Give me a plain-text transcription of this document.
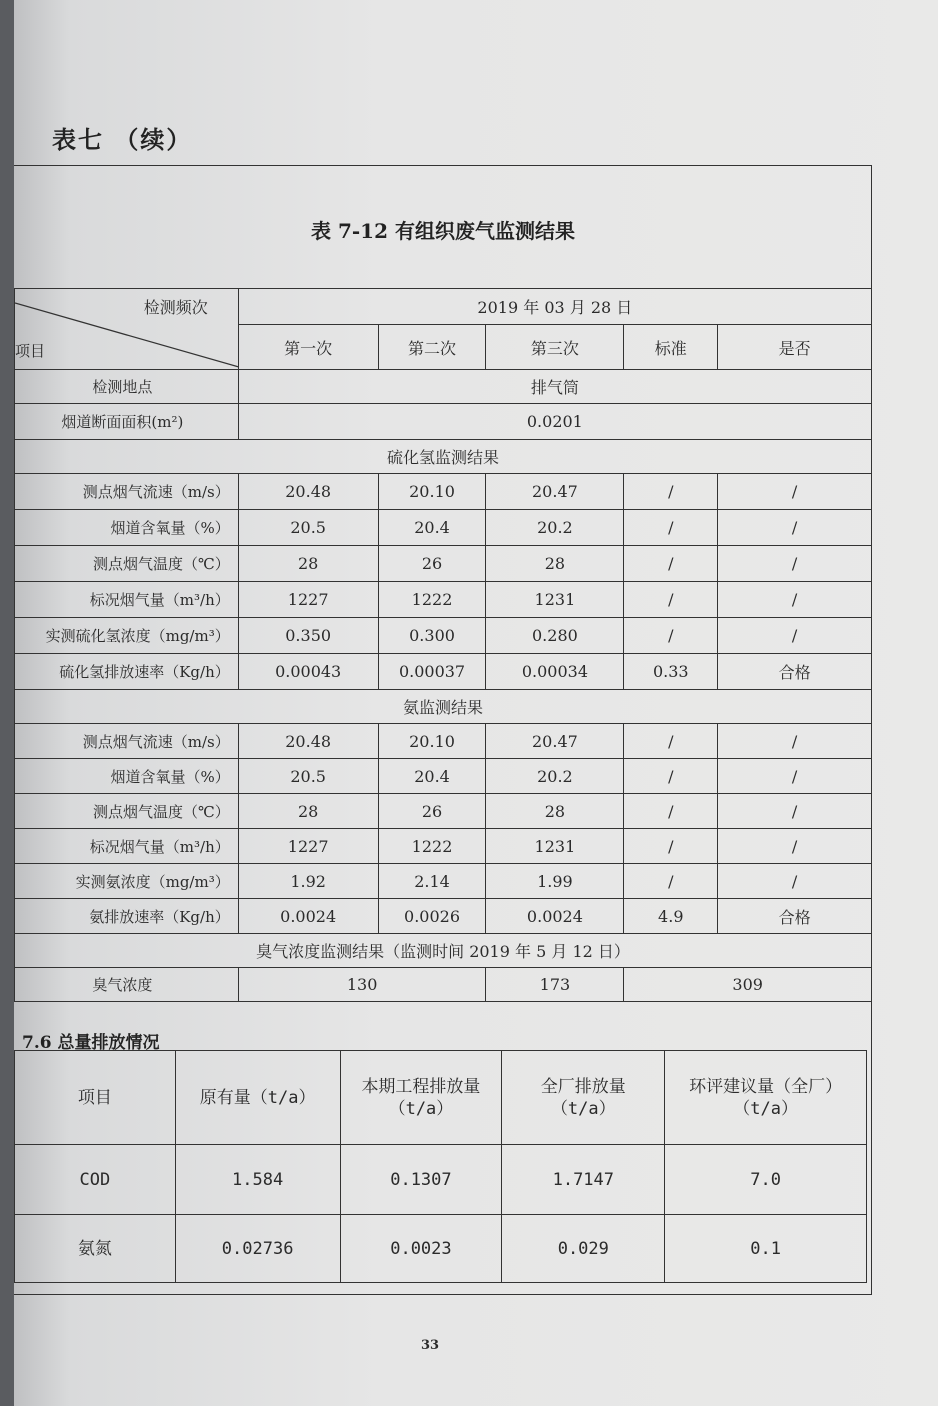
表七 （续）
表 7-12 有组织废气监测结果
检测频次
项目	2019 年 03 月 28 日				
	第一次	第二次	第三次	标准	是否

检测地点	排气筒				
烟道断面面积(m²)	0.0201				
硫化氢监测结果					
测点烟气流速（m/s）	20.48	20.10	20.47	/	/
烟道含氧量（%）	20.5	20.4	20.2	/	/
测点烟气温度（℃）	28	26	28	/	/
标况烟气量（m³/h）	1227	1222	1231	/	/
实测硫化氢浓度（mg/m³）	0.350	0.300	0.280	/	/
硫化氢排放速率（Kg/h）	0.00043	0.00037	0.00034	0.33	合格
氨监测结果					
测点烟气流速（m/s）	20.48	20.10	20.47	/	/
烟道含氧量（%）	20.5	20.4	20.2	/	/
测点烟气温度（℃）	28	26	28	/	/
标况烟气量（m³/h）	1227	1222	1231	/	/
实测氨浓度（mg/m³）	1.92	2.14	1.99	/	/
氨排放速率（Kg/h）	0.0024	0.0026	0.0024	4.9	合格
臭气浓度监测结果（监测时间 2019 年 5 月 12 日）					
臭气浓度	130		173	309	
7.6 总量排放情况
项目	原有量（t/a）	本期工程排放量（t/a）	全厂排放量（t/a）	环评建议量（全厂）（t/a）
COD	1.584	0.1307	1.7147	7.0
氨氮	0.02736	0.0023	0.029	0.1
33
